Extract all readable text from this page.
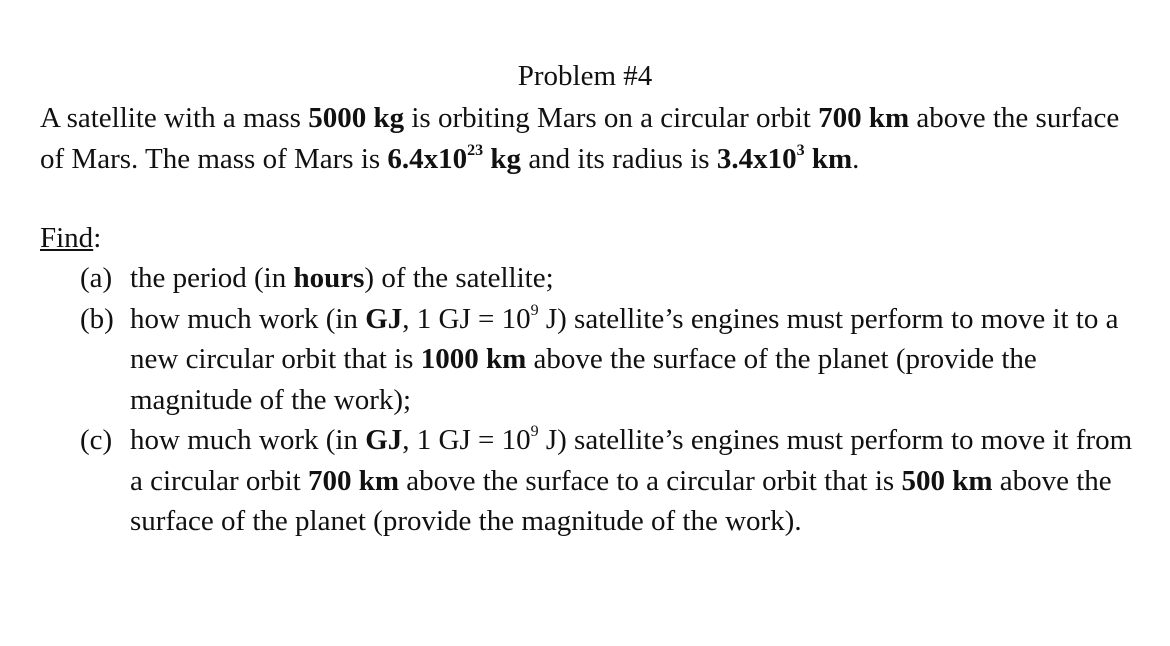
Problem #4
A satellite with a mass 5000 kg is orbiting Mars on a circular orbit 700 km above the surface of Mars. The mass of Mars is $6.4x10^{23}$ kg and its radius is $3.4x10^3$ km.
Find:
(a) the period (in hours) of the satellite;
(b) how much work (in GJ, 1 GJ = $10^9$ J) satellite’s engines must perform to move it to a new circular orbit that is 1000 km above the surface of the planet (provide the magnitude of the work);
(c) how much work (in GJ, 1 GJ = $10^9$ J) satellite’s engines must perform to move it from a circular orbit 700 km above the surface to a circular orbit that is 500 km above the surface of the planet (provide the magnitude of the work).
